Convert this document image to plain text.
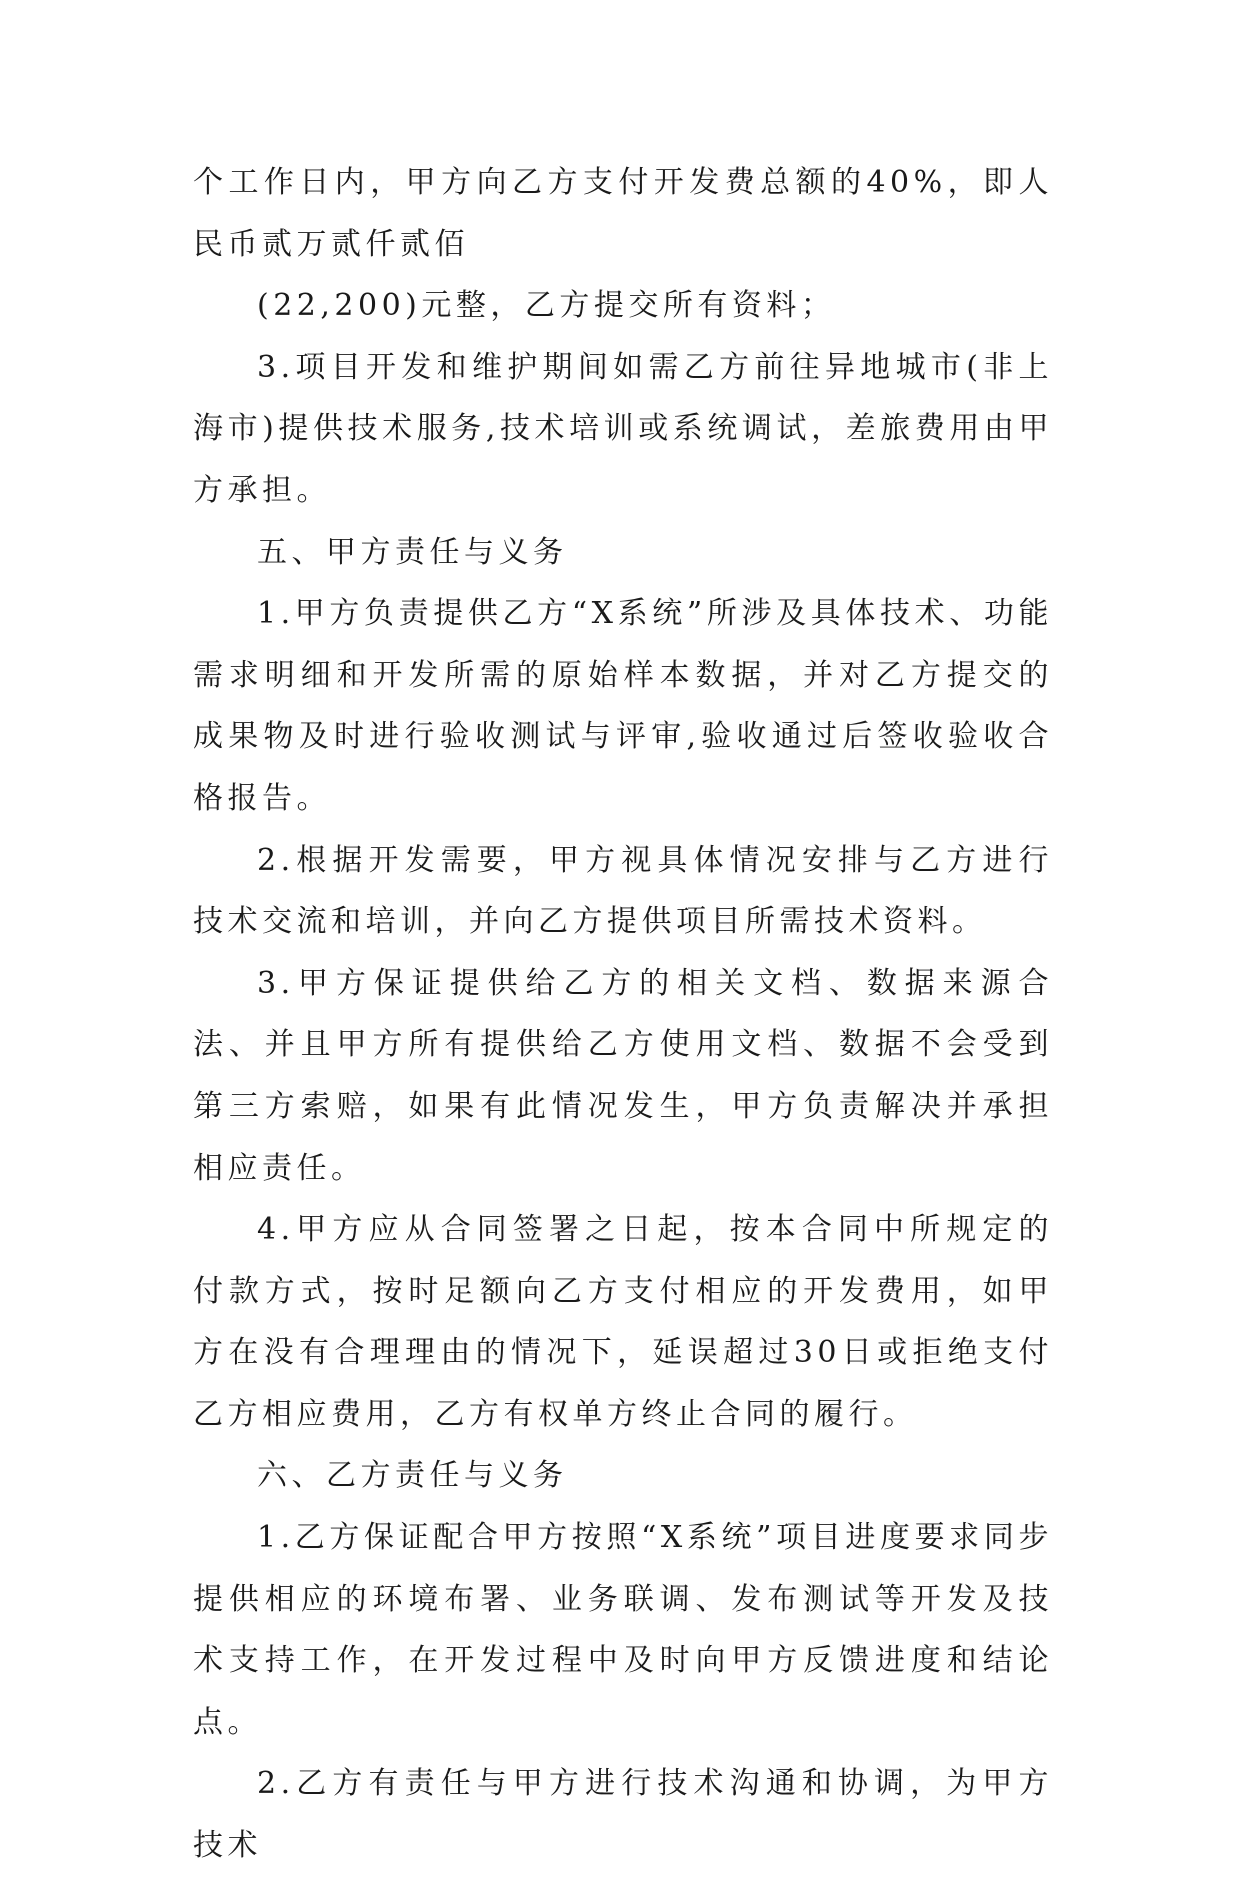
个工作日内，甲方向乙方支付开发费总额的40%，即人民币贰万贰仟贰佰

(22,200)元整，乙方提交所有资料；

3.项目开发和维护期间如需乙方前往异地城市(非上海市)提供技术服务,技术培训或系统调试，差旅费用由甲方承担。

五、甲方责任与义务

1.甲方负责提供乙方“X系统”所涉及具体技术、功能需求明细和开发所需的原始样本数据，并对乙方提交的成果物及时进行验收测试与评审,验收通过后签收验收合格报告。

2.根据开发需要，甲方视具体情况安排与乙方进行技术交流和培训，并向乙方提供项目所需技术资料。

3.甲方保证提供给乙方的相关文档、数据来源合法、并且甲方所有提供给乙方使用文档、数据不会受到第三方索赔，如果有此情况发生，甲方负责解决并承担相应责任。

4.甲方应从合同签署之日起，按本合同中所规定的付款方式，按时足额向乙方支付相应的开发费用，如甲方在没有合理理由的情况下，延误超过30日或拒绝支付乙方相应费用，乙方有权单方终止合同的履行。

六、乙方责任与义务

1.乙方保证配合甲方按照“X系统”项目进度要求同步提供相应的环境布署、业务联调、发布测试等开发及技术支持工作，在开发过程中及时向甲方反馈进度和结论点。

2.乙方有责任与甲方进行技术沟通和协调，为甲方技术
